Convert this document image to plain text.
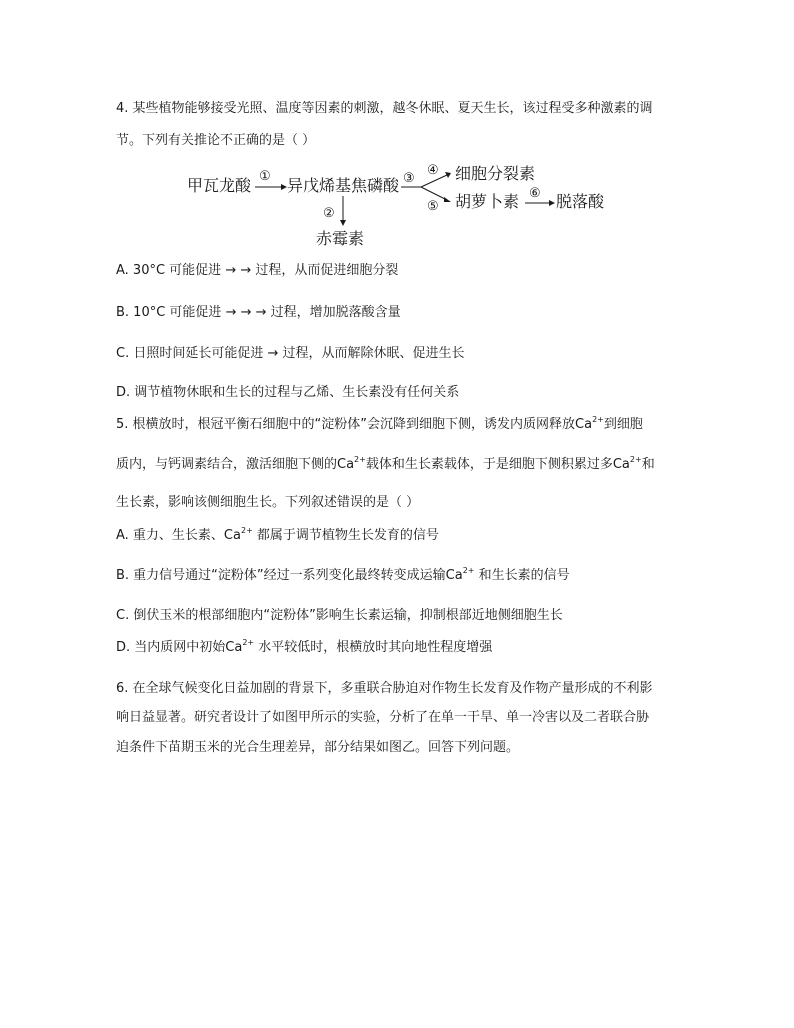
4. 某些植物能够接受光照、温度等因素的刺激，越冬休眠、夏天生长，该过程受多种激素的调
节。下列有关推论不正确的是（ ）
甲瓦龙酸 ① 异戊烯基焦磷酸
②
赤霉素
③
④
⑤
细胞分裂素
胡萝卜素 ⑥ 脱落酸
A. 30°C 可能促进 → → 过程，从而促进细胞分裂
B. 10°C 可能促进 → → → 过程，增加脱落酸含量
C. 日照时间延长可能促进 → 过程，从而解除休眠、促进生长
D. 调节植物休眠和生长的过程与乙烯、生长素没有任何关系
5. 根横放时，根冠平衡石细胞中的“淀粉体”会沉降到细胞下侧，诱发内质网释放$Ca^{2+}$到细胞
质内，与钙调素结合，激活细胞下侧的$Ca^{2+}$载体和生长素载体，于是细胞下侧积累过多$Ca^{2+}$和
生长素，影响该侧细胞生长。下列叙述错误的是（ ）
A. 重力、生长素、$Ca^{2+}$ 都属于调节植物生长发育的信号
B. 重力信号通过“淀粉体”经过一系列变化最终转变成运输$Ca^{2+}$ 和生长素的信号
C. 倒伏玉米的根部细胞内“淀粉体”影响生长素运输，抑制根部近地侧细胞生长
D. 当内质网中初始$Ca^{2+}$ 水平较低时，根横放时其向地性程度增强
6. 在全球气候变化日益加剧的背景下，多重联合胁迫对作物生长发育及作物产量形成的不利影
响日益显著。研究者设计了如图甲所示的实验，分析了在单一干旱、单一冷害以及二者联合胁
迫条件下苗期玉米的光合生理差异，部分结果如图乙。回答下列问题。
